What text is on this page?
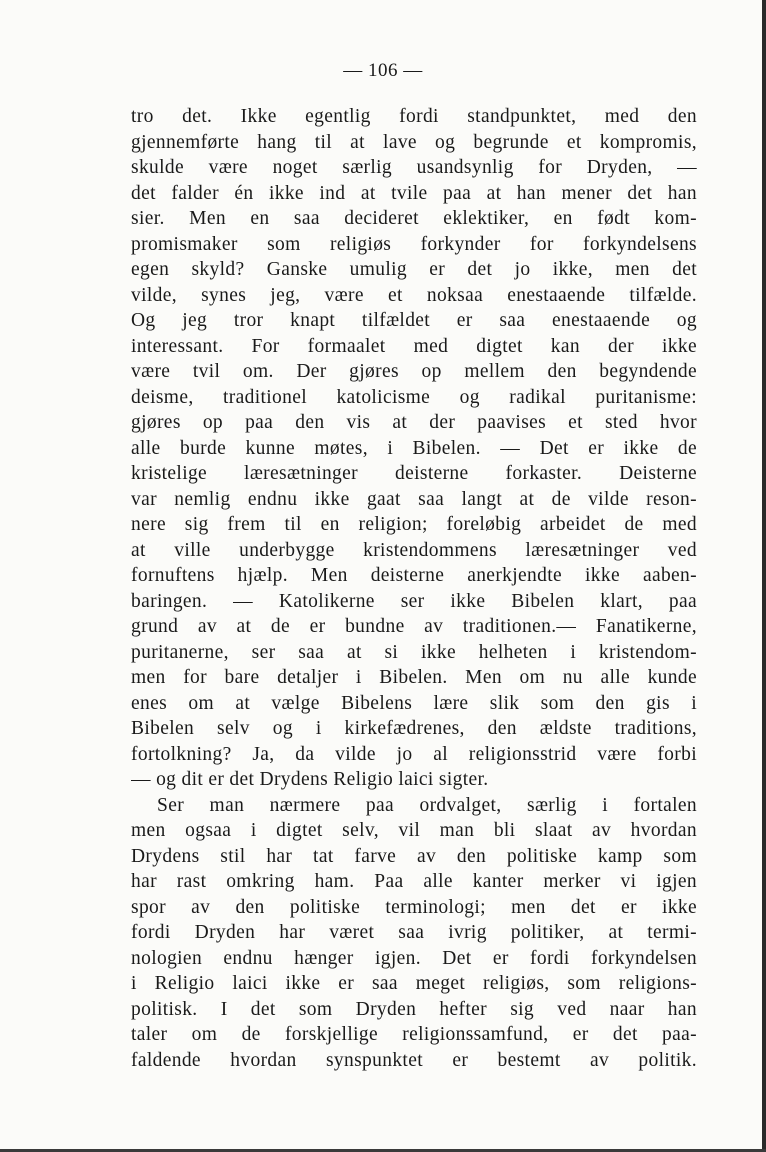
— 106 —
tro det. Ikke egentlig fordi standpunktet, med den
gjennemførte hang til at lave og begrunde et kompromis,
skulde være noget særlig usandsynlig for Dryden, —
det falder én ikke ind at tvile paa at han mener det han
sier. Men en saa decideret eklektiker, en født kom-
promismaker som religiøs forkynder for forkyndelsens
egen skyld? Ganske umulig er det jo ikke, men det
vilde, synes jeg, være et noksaa enestaaende tilfælde.
Og jeg tror knapt tilfældet er saa enestaaende og
interessant. For formaalet med digtet kan der ikke
være tvil om. Der gjøres op mellem den begyndende
deisme, traditionel katolicisme og radikal puritanisme:
gjøres op paa den vis at der paavises et sted hvor
alle burde kunne møtes, i Bibelen. — Det er ikke de
kristelige læresætninger deisterne forkaster. Deisterne
var nemlig endnu ikke gaat saa langt at de vilde reson-
nere sig frem til en religion; foreløbig arbeidet de med
at ville underbygge kristendommens læresætninger ved
fornuftens hjælp. Men deisterne anerkjendte ikke aaben-
baringen. — Katolikerne ser ikke Bibelen klart, paa
grund av at de er bundne av traditionen.— Fanatikerne,
puritanerne, ser saa at si ikke helheten i kristendom-
men for bare detaljer i Bibelen. Men om nu alle kunde
enes om at vælge Bibelens lære slik som den gis i
Bibelen selv og i kirkefædrenes, den ældste traditions,
fortolkning? Ja, da vilde jo al religionsstrid være forbi
— og dit er det Drydens Religio laici sigter.
Ser man nærmere paa ordvalget, særlig i fortalen
men ogsaa i digtet selv, vil man bli slaat av hvordan
Drydens stil har tat farve av den politiske kamp som
har rast omkring ham. Paa alle kanter merker vi igjen
spor av den politiske terminologi; men det er ikke
fordi Dryden har været saa ivrig politiker, at termi-
nologien endnu hænger igjen. Det er fordi forkyndelsen
i Religio laici ikke er saa meget religiøs, som religions-
politisk. I det som Dryden hefter sig ved naar han
taler om de forskjellige religionssamfund, er det paa-
faldende hvordan synspunktet er bestemt av politik.
